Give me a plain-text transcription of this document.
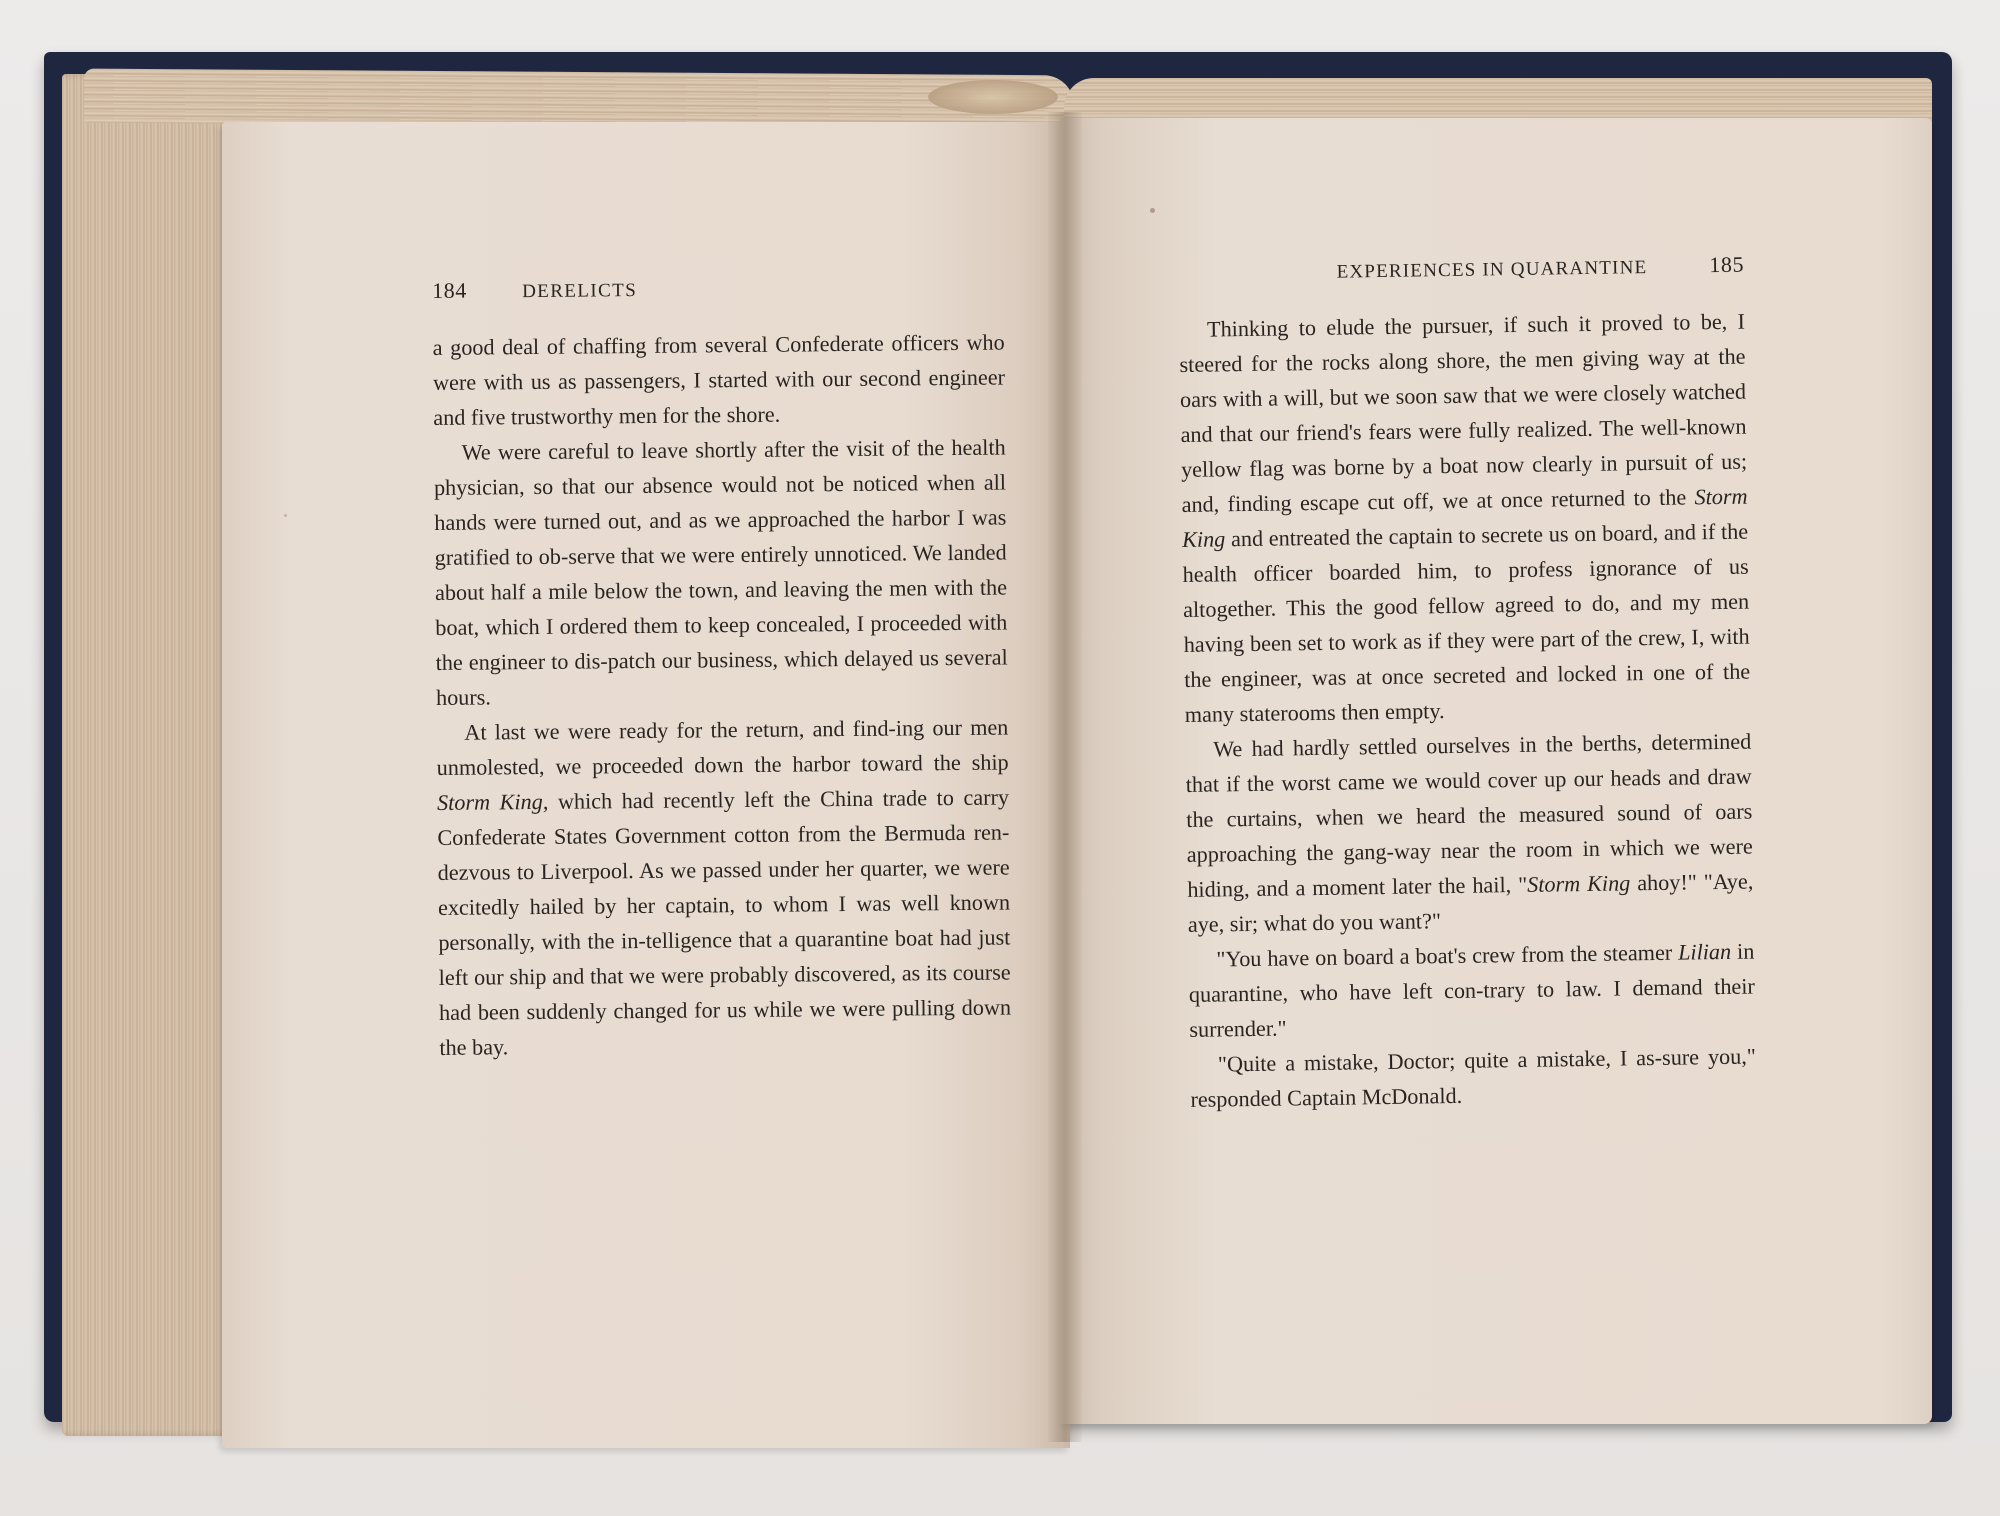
184	DERELICTS

a good deal of chaffing from several Confederate officers who were with us as passengers, I started with our second engineer and five trustworthy men for the shore.

We were careful to leave shortly after the visit of the health physician, so that our absence would not be noticed when all hands were turned out, and as we approached the harbor I was gratified to ob-serve that we were entirely unnoticed. We landed about half a mile below the town, and leaving the men with the boat, which I ordered them to keep concealed, I proceeded with the engineer to dis-patch our business, which delayed us several hours.

At last we were ready for the return, and find-ing our men unmolested, we proceeded down the harbor toward the ship Storm King, which had recently left the China trade to carry Confederate States Government cotton from the Bermuda ren-dezvous to Liverpool. As we passed under her quarter, we were excitedly hailed by her captain, to whom I was well known personally, with the in-telligence that a quarantine boat had just left our ship and that we were probably discovered, as its course had been suddenly changed for us while we were pulling down the bay.

EXPERIENCES IN QUARANTINE	185

Thinking to elude the pursuer, if such it proved to be, I steered for the rocks along shore, the men giving way at the oars with a will, but we soon saw that we were closely watched and that our friend's fears were fully realized. The well-known yellow flag was borne by a boat now clearly in pursuit of us; and, finding escape cut off, we at once returned to the Storm King and entreated the captain to secrete us on board, and if the health officer boarded him, to profess ignorance of us altogether. This the good fellow agreed to do, and my men having been set to work as if they were part of the crew, I, with the engineer, was at once secreted and locked in one of the many staterooms then empty.

We had hardly settled ourselves in the berths, determined that if the worst came we would cover up our heads and draw the curtains, when we heard the measured sound of oars approaching the gang-way near the room in which we were hiding, and a moment later the hail, "Storm King ahoy!" "Aye, aye, sir; what do you want?"

"You have on board a boat's crew from the steamer Lilian in quarantine, who have left con-trary to law. I demand their surrender."

"Quite a mistake, Doctor; quite a mistake, I as-sure you," responded Captain McDonald.
